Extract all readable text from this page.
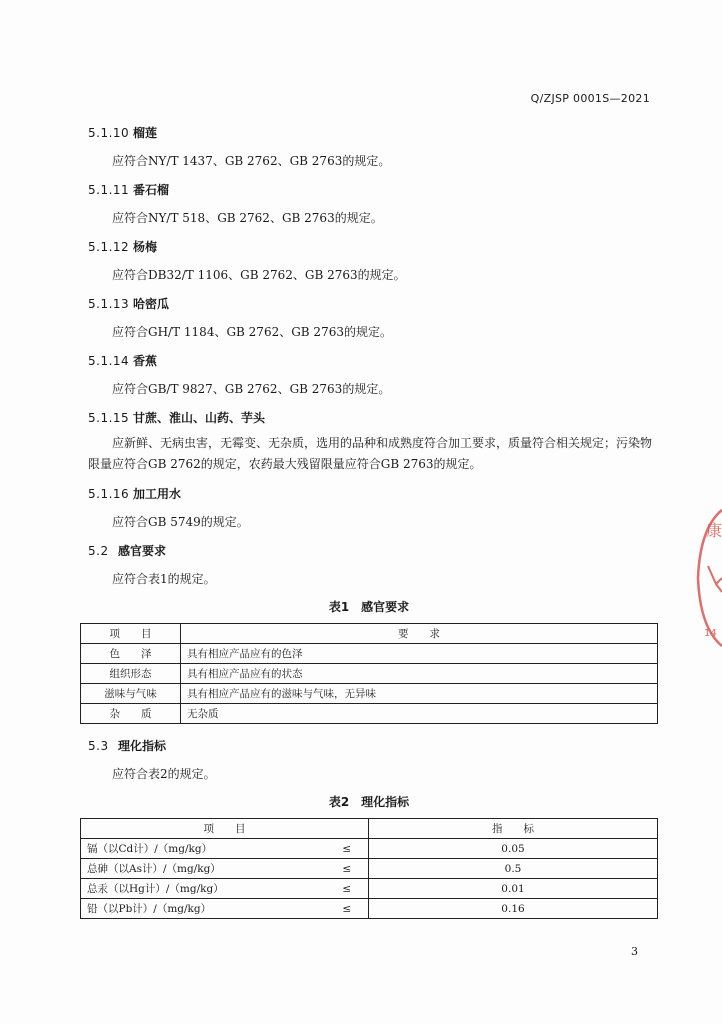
Q/ZJSP 0001S—2021
5.1.10 榴莲
应符合NY/T 1437、GB 2762、GB 2763的规定。
5.1.11 番石榴
应符合NY/T 518、GB 2762、GB 2763的规定。
5.1.12 杨梅
应符合DB32/T 1106、GB 2762、GB 2763的规定。
5.1.13 哈密瓜
应符合GH/T 1184、GB 2762、GB 2763的规定。
5.1.14 香蕉
应符合GB/T 9827、GB 2762、GB 2763的规定。
5.1.15 甘蔗、淮山、山药、芋头
应新鲜、无病虫害，无霉变、无杂质，选用的品种和成熟度符合加工要求，质量符合相关规定；污染物限量应符合GB 2762的规定，农药最大残留限量应符合GB 2763的规定。
5.1.16 加工用水
应符合GB 5749的规定。
5.2 感官要求
应符合表1的规定。
表1　感官要求
项　　目	要　　求
色　　泽	具有相应产品应有的色泽
组织形态	具有相应产品应有的状态
滋味与气味	具有相应产品应有的滋味与气味，无异味
杂　　质	无杂质
5.3 理化指标
应符合表2的规定。
表2　理化指标
项　　目		指　　标
镉（以Cd计）/（mg/kg）	≤	0.05
总砷（以As计）/（mg/kg）	≤	0.5
总汞（以Hg计）/（mg/kg）	≤	0.01
铅（以Pb计）/（mg/kg）	≤	0.16
3
康
14
